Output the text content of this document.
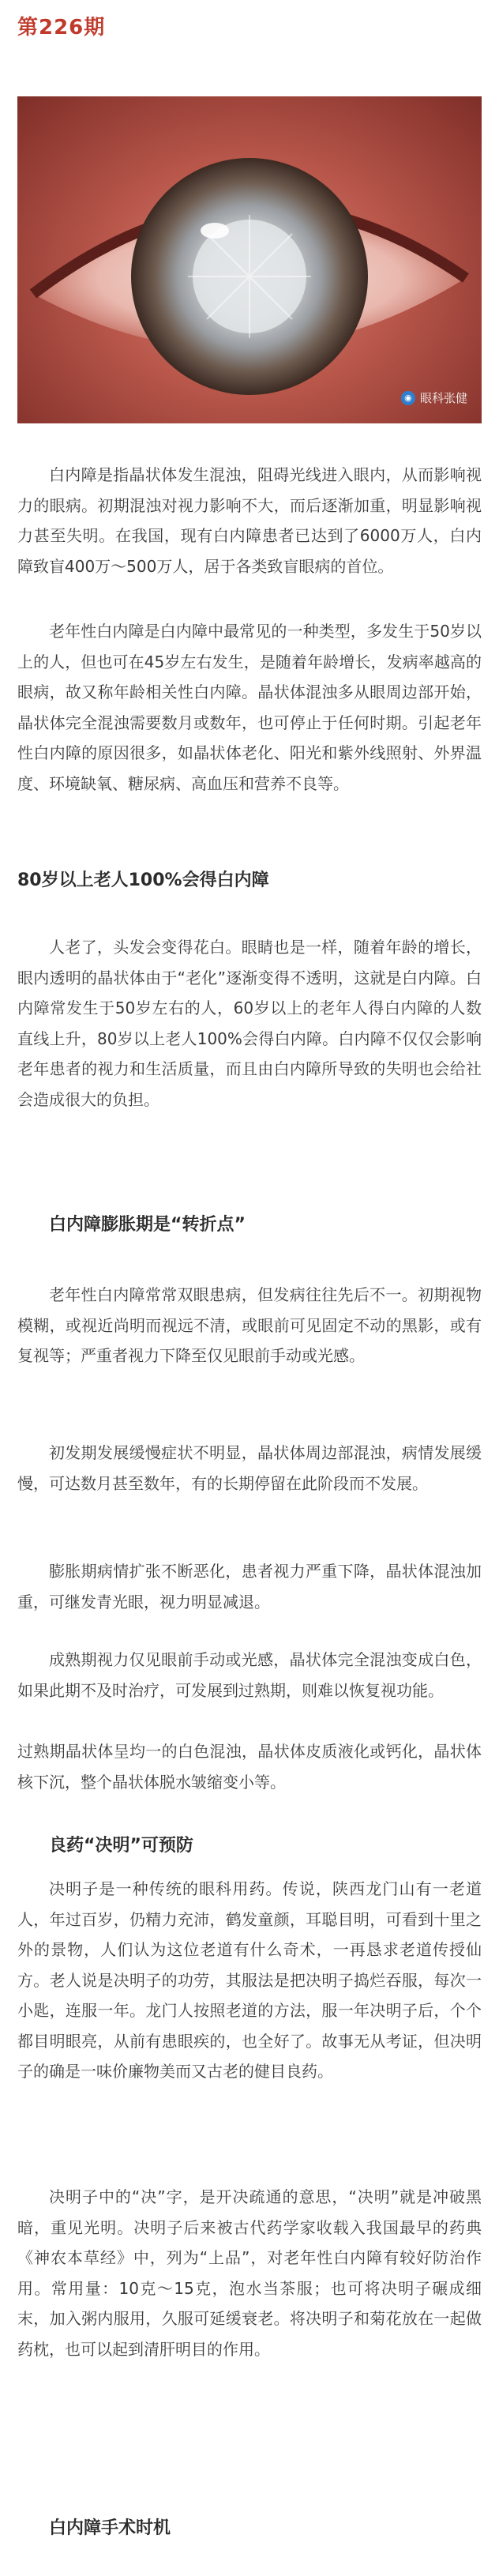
第226期
◉ 眼科张健
白内障是指晶状体发生混浊，阻碍光线进入眼内，从而影响视力的眼病。初期混浊对视力影响不大，而后逐渐加重，明显影响视力甚至失明。在我国，现有白内障患者已达到了6000万人，白内障致盲400万～500万人，居于各类致盲眼病的首位。
老年性白内障是白内障中最常见的一种类型，多发生于50岁以上的人，但也可在45岁左右发生，是随着年龄增长，发病率越高的眼病，故又称年龄相关性白内障。晶状体混浊多从眼周边部开始，晶状体完全混浊需要数月或数年，也可停止于任何时期。引起老年性白内障的原因很多，如晶状体老化、阳光和紫外线照射、外界温度、环境缺氧、糖尿病、高血压和营养不良等。
80岁以上老人100%会得白内障
人老了，头发会变得花白。眼睛也是一样，随着年龄的增长，眼内透明的晶状体由于“老化”逐渐变得不透明，这就是白内障。白内障常发生于50岁左右的人，60岁以上的老年人得白内障的人数直线上升，80岁以上老人100%会得白内障。白内障不仅仅会影响老年患者的视力和生活质量，而且由白内障所导致的失明也会给社会造成很大的负担。
白内障膨胀期是“转折点”
老年性白内障常常双眼患病，但发病往往先后不一。初期视物模糊，或视近尚明而视远不清，或眼前可见固定不动的黑影，或有复视等；严重者视力下降至仅见眼前手动或光感。
初发期发展缓慢症状不明显，晶状体周边部混浊，病情发展缓慢，可达数月甚至数年，有的长期停留在此阶段而不发展。
膨胀期病情扩张不断恶化，患者视力严重下降，晶状体混浊加重，可继发青光眼，视力明显减退。
成熟期视力仅见眼前手动或光感，晶状体完全混浊变成白色，如果此期不及时治疗，可发展到过熟期，则难以恢复视功能。
过熟期晶状体呈均一的白色混浊，晶状体皮质液化或钙化，晶状体核下沉，整个晶状体脱水皱缩变小等。
良药“决明”可预防
决明子是一种传统的眼科用药。传说，陕西龙门山有一老道人，年过百岁，仍精力充沛，鹤发童颜，耳聪目明，可看到十里之外的景物，人们认为这位老道有什么奇术，一再恳求老道传授仙方。老人说是决明子的功劳，其服法是把决明子捣烂吞服，每次一小匙，连服一年。龙门人按照老道的方法，服一年决明子后，个个都目明眼亮，从前有患眼疾的，也全好了。故事无从考证，但决明子的确是一味价廉物美而又古老的健目良药。
决明子中的“决”字，是开决疏通的意思，“决明”就是冲破黑暗，重见光明。决明子后来被古代药学家收载入我国最早的药典《神农本草经》中，列为“上品”，对老年性白内障有较好防治作用。常用量：10克～15克，泡水当茶服；也可将决明子碾成细末，加入粥内服用，久服可延缓衰老。将决明子和菊花放在一起做药枕，也可以起到清肝明目的作用。
白内障手术时机
